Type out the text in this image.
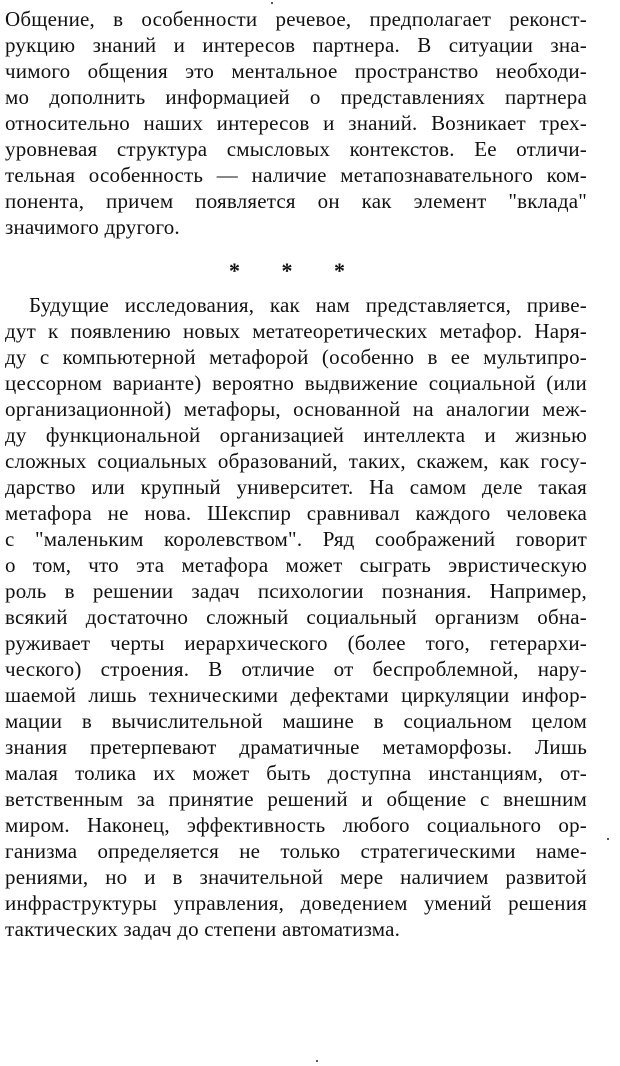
Общение, в особенности речевое, предполагает реконст-
рукцию знаний и интересов партнера. В ситуации зна-
чимого общения это ментальное пространство необходи-
мо дополнить информацией о представлениях партнера
относительно наших интересов и знаний. Возникает трех-
уровневая структура смысловых контекстов. Ее отличи-
тельная особенность — наличие метапознавательного ком-
понента, причем появляется он как элемент "вклада"
значимого другого.
* * *
Будущие исследования, как нам представляется, приве-
дут к появлению новых метатеоретических метафор. Наря-
ду с компьютерной метафорой (особенно в ее мультипро-
цессорном варианте) вероятно выдвижение социальной (или
организационной) метафоры, основанной на аналогии меж-
ду функциональной организацией интеллекта и жизнью
сложных социальных образований, таких, скажем, как госу-
дарство или крупный университет. На самом деле такая
метафора не нова. Шекспир сравнивал каждого человека
с "маленьким королевством". Ряд соображений говорит
о том, что эта метафора может сыграть эвристическую
роль в решении задач психологии познания. Например,
всякий достаточно сложный социальный организм обна-
руживает черты иерархического (более того, гетерархи-
ческого) строения. В отличие от беспроблемной, нару-
шаемой лишь техническими дефектами циркуляции инфор-
мации в вычислительной машине в социальном целом
знания претерпевают драматичные метаморфозы. Лишь
малая толика их может быть доступна инстанциям, от-
ветственным за принятие решений и общение с внешним
миром. Наконец, эффективность любого социального ор-
ганизма определяется не только стратегическими наме-
рениями, но и в значительной мере наличием развитой
инфраструктуры управления, доведением умений решения
тактических задач до степени автоматизма.
